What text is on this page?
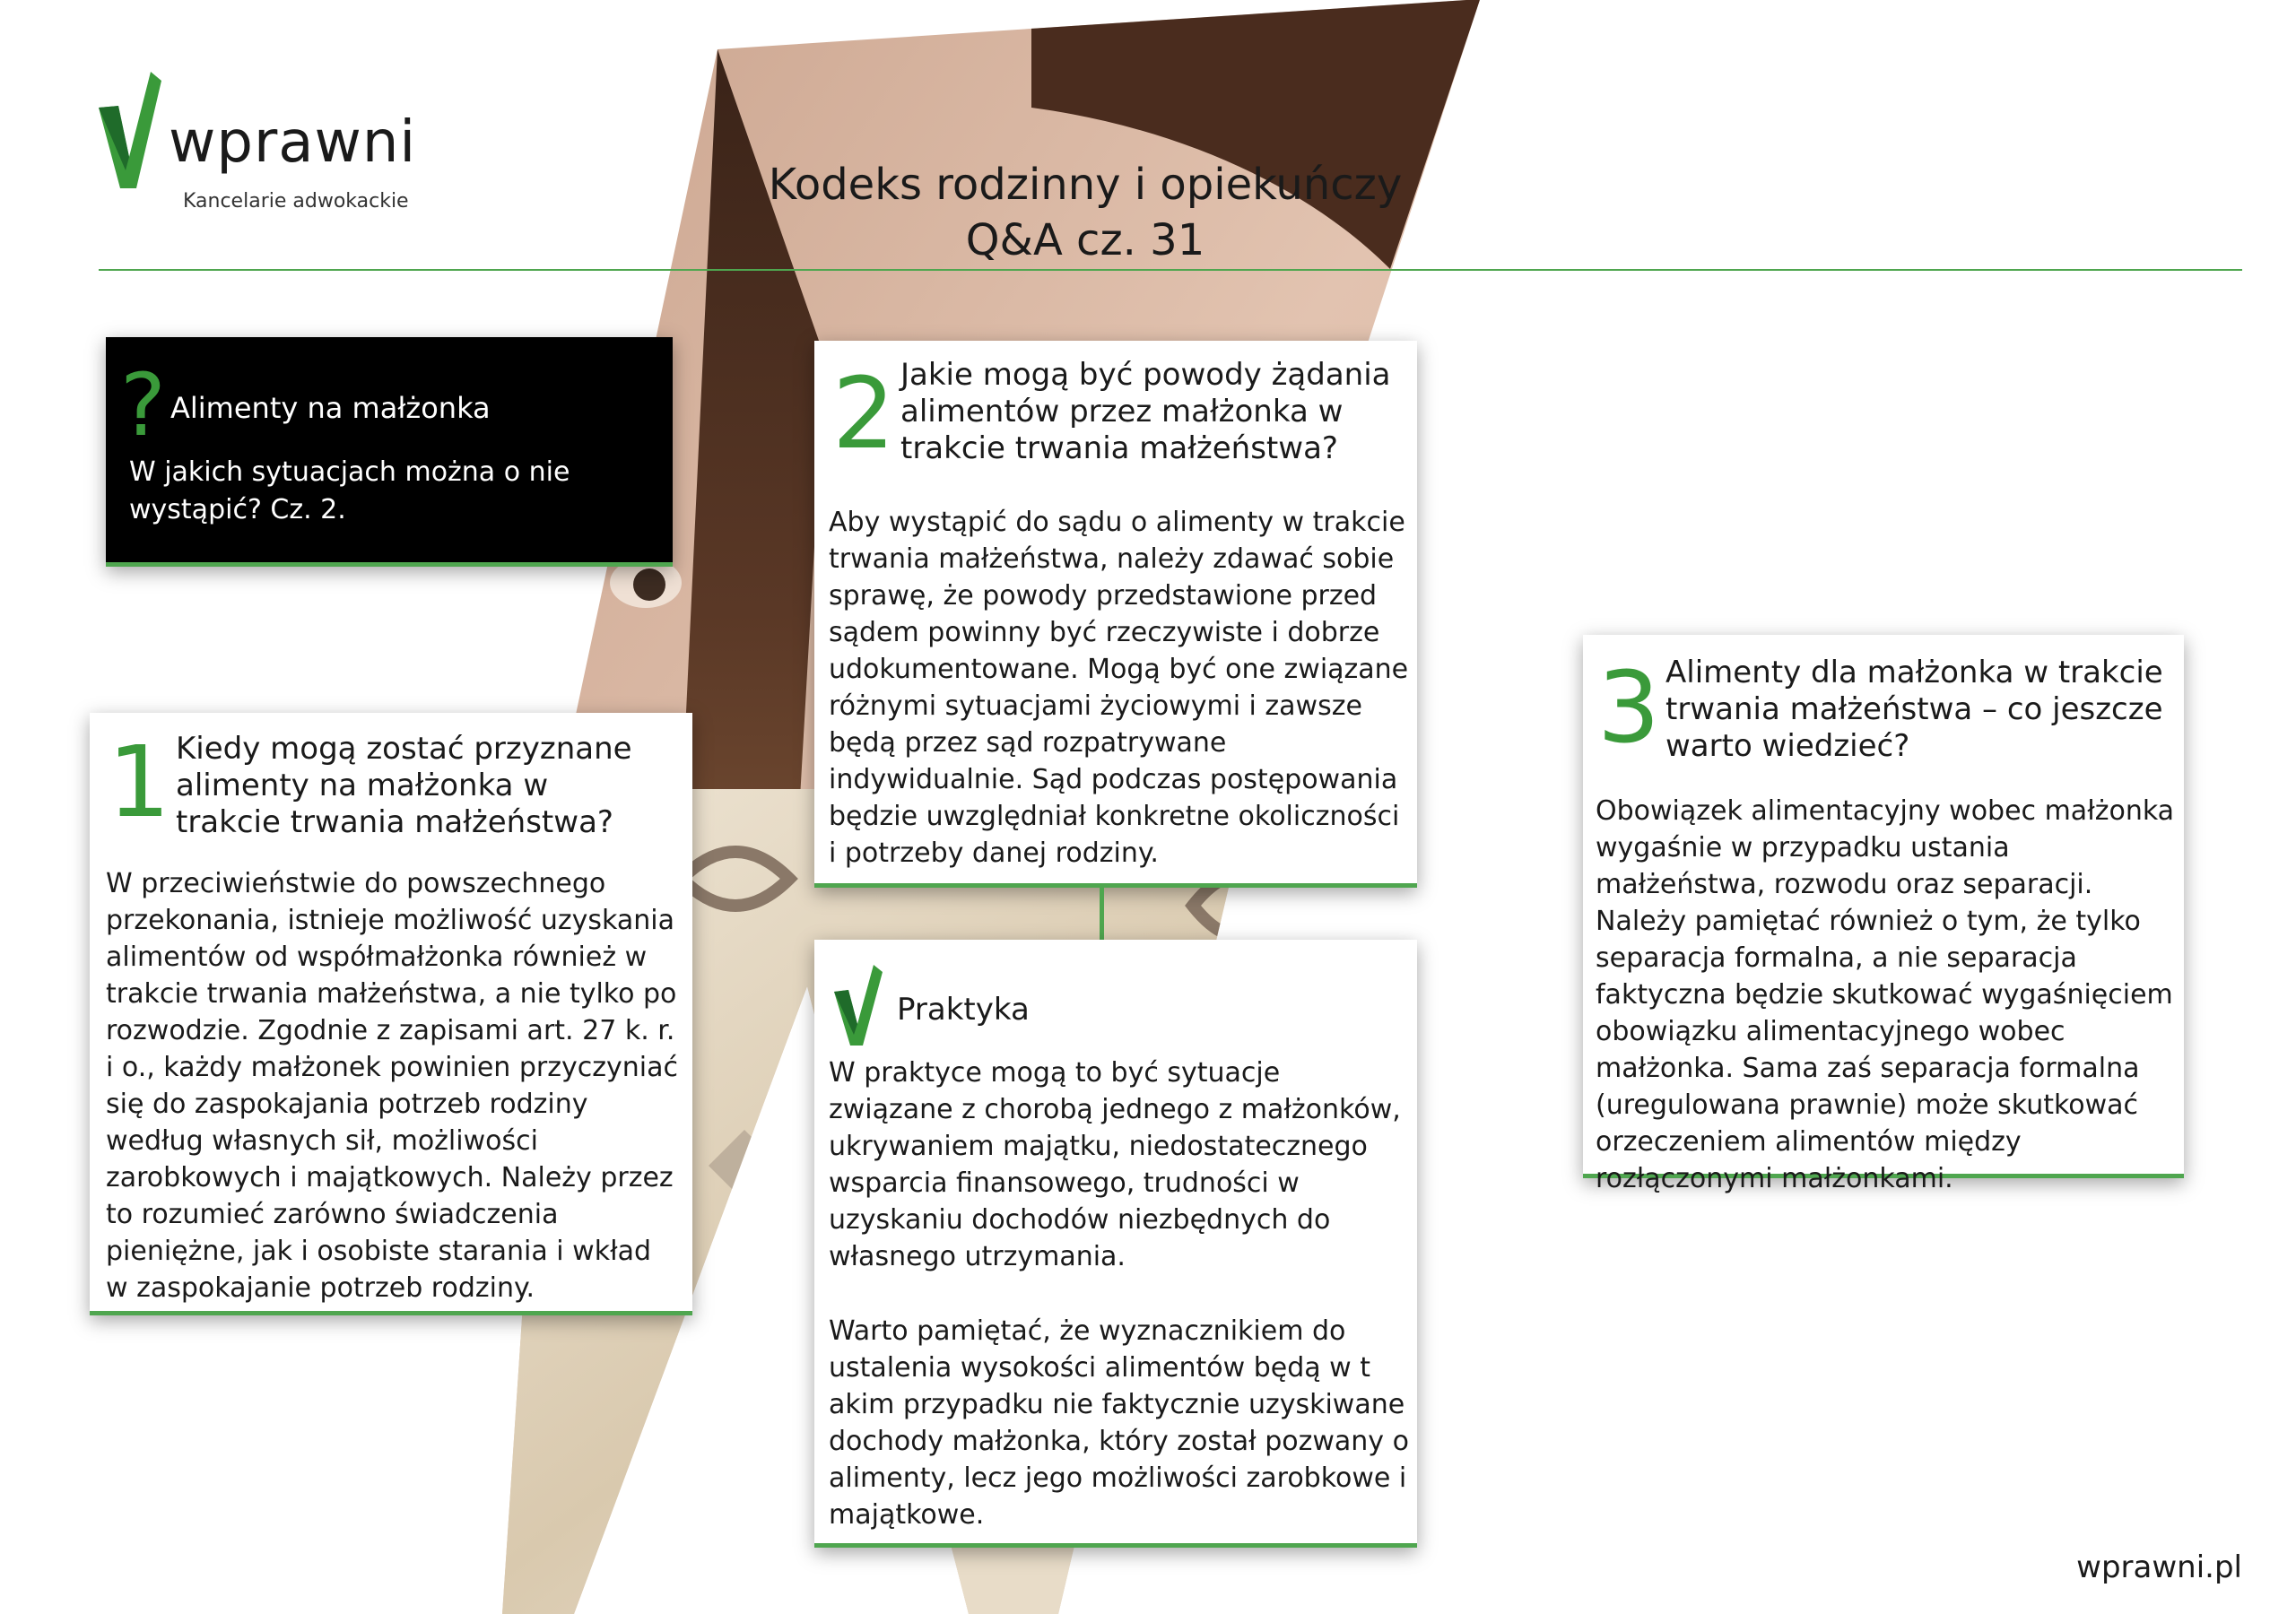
wprawni
Kancelarie adwokackie	Kodeks rodzinny i opiekuńczy
Q&A cz. 31
? Alimenty na małżonka
W jakich sytuacjach można o nie wystąpić? Cz. 2.
1 Kiedy mogą zostać przyznane alimenty na małżonka w trakcie trwania małżeństwa?
W przeciwieństwie do powszechnego przekonania, istnieje możliwość uzyskania alimentów od współmałżonka również w trakcie trwania małżeństwa, a nie tylko po rozwodzie. Zgodnie z zapisami art. 27 k. r. i o., każdy małżonek powinien przyczyniać się do zaspokajania potrzeb rodziny według własnych sił, możliwości zarobkowych i majątkowych. Należy przez to rozumieć zarówno świadczenia pieniężne, jak i osobiste starania i wkład w zaspokajanie potrzeb rodziny.
2 Jakie mogą być powody żądania alimentów przez małżonka w trakcie trwania małżeństwa?
Aby wystąpić do sądu o alimenty w trakcie trwania małżeństwa, należy zdawać sobie sprawę, że powody przedstawione przed sądem powinny być rzeczywiste i dobrze udokumentowane. Mogą być one związane różnymi sytuacjami życiowymi i zawsze będą przez sąd rozpatrywane indywidualnie. Sąd podczas postępowania będzie uwzględniał konkretne okoliczności i potrzeby danej rodziny.
Praktyka
W praktyce mogą to być sytuacje związane z chorobą jednego z małżonków, ukrywaniem majątku, niedostatecznego wsparcia finansowego, trudności w uzyskaniu dochodów niezbędnych do własnego utrzymania.
Warto pamiętać, że wyznacznikiem do ustalenia wysokości alimentów będą w t akim przypadku nie faktycznie uzyskiwane dochody małżonka, który został pozwany o alimenty, lecz jego możliwości zarobkowe i majątkowe.
3 Alimenty dla małżonka w trakcie trwania małżeństwa – co jeszcze warto wiedzieć?
Obowiązek alimentacyjny wobec małżonka wygaśnie w przypadku ustania małżeństwa, rozwodu oraz separacji. Należy pamiętać również o tym, że tylko separacja formalna, a nie separacja faktyczna będzie skutkować wygaśnięciem obowiązku alimentacyjnego wobec małżonka. Sama zaś separacja formalna (uregulowana prawnie) może skutkować orzeczeniem alimentów między rozłączonymi małżonkami.
wprawni.pl
